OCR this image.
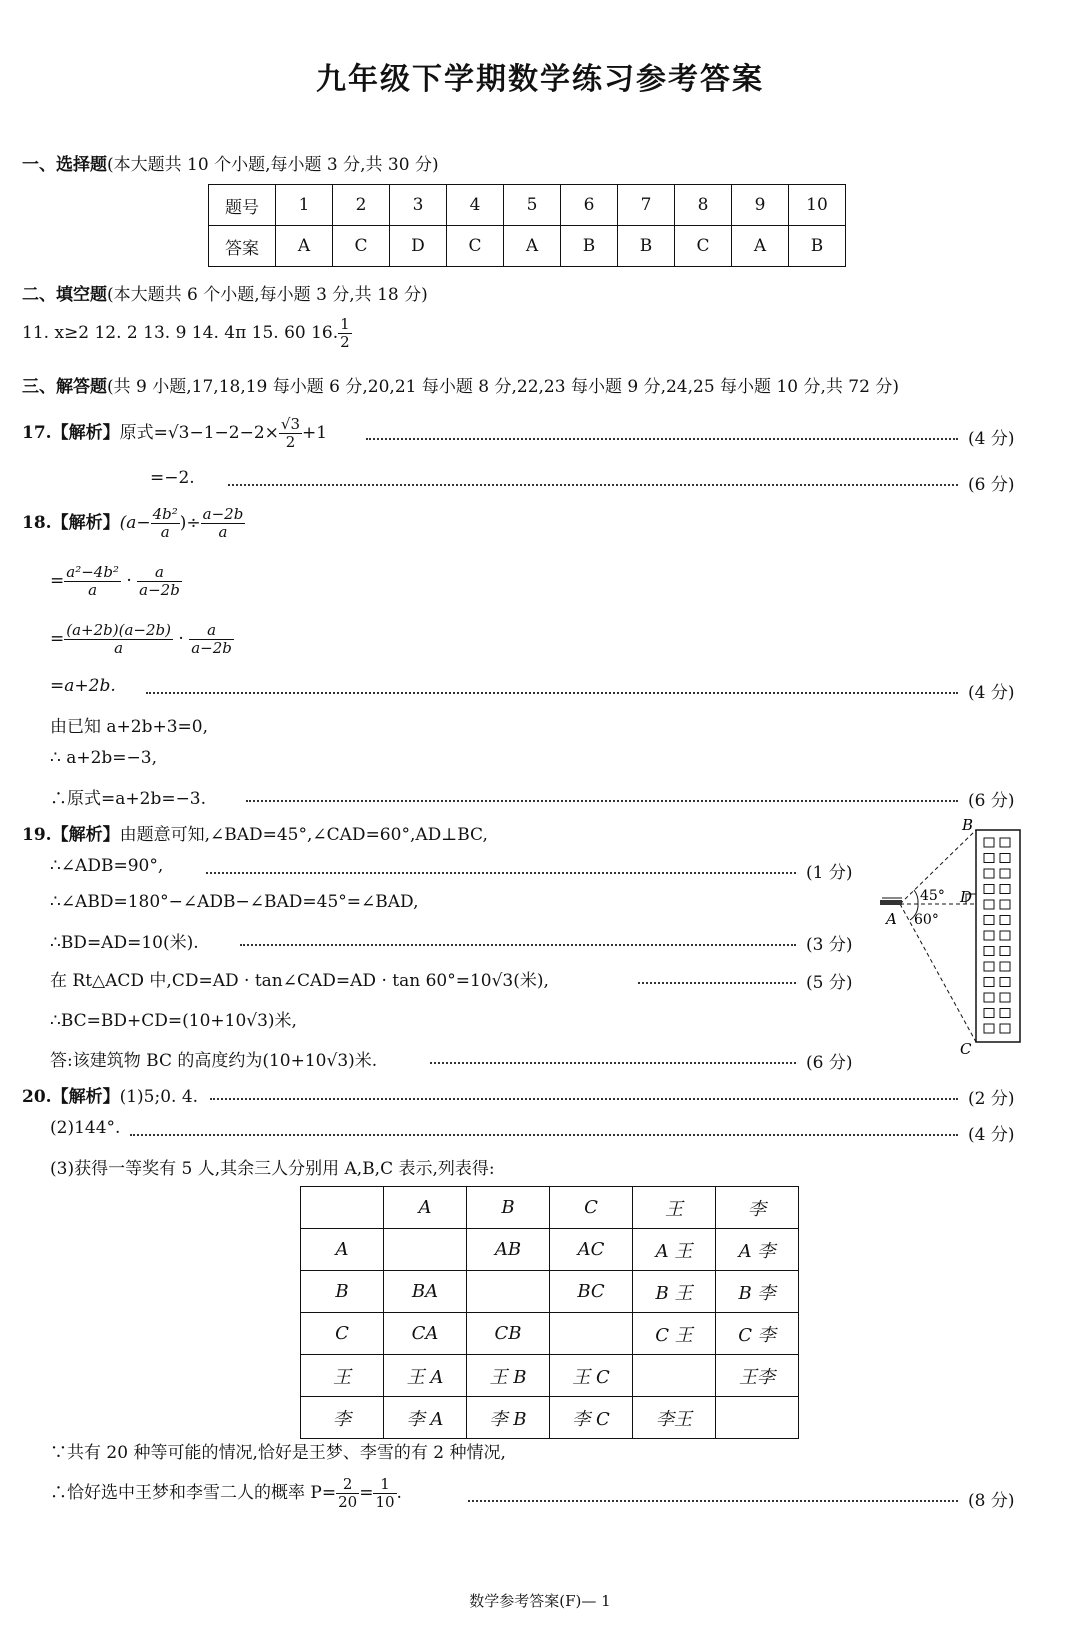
九年级下学期数学练习参考答案
一、选择题(本大题共 10 个小题,每小题 3 分,共 30 分)
题号	1	2	3	4	5	6	7	8	9	10
答案	A	C	D	C	A	B	B	C	A	B
二、填空题(本大题共 6 个小题,每小题 3 分,共 18 分)
11. x≥2 12. 2 13. 9 14. 4π 15. 60 16. $\frac{1}{2}$
三、解答题(共 9 小题,17,18,19 每小题 6 分,20,21 每小题 8 分,22,23 每小题 9 分,24,25 每小题 10 分,共 72 分)
17.【解析】原式$=√3-1-2-2\times \frac{√3}{2} +1$	(4 分)
=−2.	(6 分)
18.【解析】($a- \frac{\text{4b²}}{a}$ )÷ $\frac{a-2b}{a}$
= $\frac{\text{a²−4b²}}{a} \cdot \frac{a}{a-2b}$
= $\frac{(a+2b)(a-2b)}{a} \cdot \frac{a}{a-2b}$
=a+2b.	(4 分)
由已知 a+2b+3=0,
∴ a+2b=−3,
∴原式=a+2b=−3.	(6 分)
19.【解析】由题意可知,∠BAD=45°,∠CAD=60°,AD⊥BC,
∴∠ADB=90°,	(1 分)
∴∠ABD=180°−∠ADB−∠BAD=45°=∠BAD,
∴BD=AD=10(米).	(3 分)
在 Rt△ACD 中,CD=AD · tan∠CAD=AD · tan 60°=10√3(米),	(5 分)
∴BC=BD+CD=(10+10√3)米,
答:该建筑物 BC 的高度约为(10+10√3)米.	(6 分)
B
C
D
A
45°
60°
20.【解析】(1)5;0. 4.	(2 分)
(2)144°.	(4 分)
(3)获得一等奖有 5 人,其余三人分别用 A,B,C 表示,列表得:
	A	B	C	王	李
A		AB	AC	A 王	A 李
B	BA		BC	B 王	B 李
C	CA	CB		C 王	C 李
王	王 A	王 B	王 C		王李
李	李 A	李 B	李 C	李王	
∵共有 20 种等可能的情况,恰好是王梦、李雪的有 2 种情况,
∴恰好选中王梦和李雪二人的概率 $P= \frac{2}{20} = \frac{1}{10}$ .	(8 分)
数学参考答案(F)— 1
